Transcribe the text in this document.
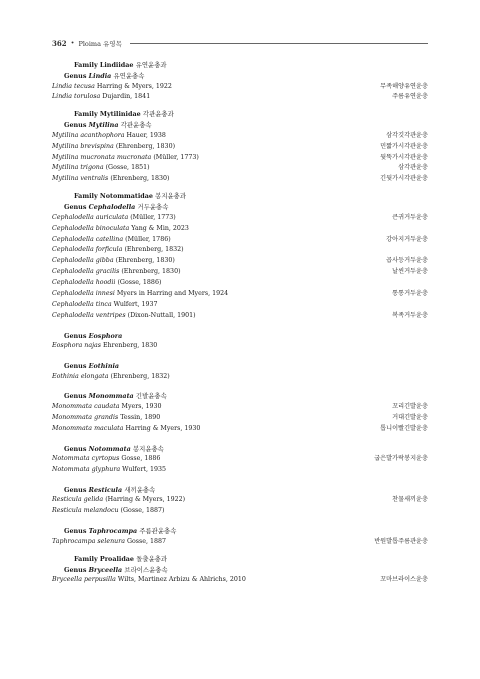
362 • Ploima 유영목
Family Lindiidae 유연윤충과
Genus Lindia 유연윤충속
Lindia tecusa Harring & Myers, 1922	무족해양유연윤충
Lindia torulosa Dujardin, 1841	주름유연윤충
Family Mytilinidae 각관윤충과
Genus Mytilina 각관윤충속
Mytilina acanthophora Hauer, 1938	삼각깃각관윤충
Mytilina brevispina (Ehrenberg, 1830)	민짧가시각관윤충
Mytilina mucronata mucronata (Müller, 1773)	뒷뚝가시각관윤충
Mytilina trigona (Gosse, 1851)	삼각관윤충
Mytilina ventralis (Ehrenberg, 1830)	긴뒷가시각관윤충
Family Notommatidae 봉지윤충과
Genus Cephalodella 거두윤충속
Cephalodella auriculata (Müller, 1773)	큰귀거두윤충
Cephalodella binoculata Yang & Min, 2023
Cephalodella catellina (Müller, 1786)	강아지거두윤충
Cephalodella forficula (Ehrenberg, 1832)
Cephalodella gibba (Ehrenberg, 1830)	곱사등거두윤충
Cephalodella gracilis (Ehrenberg, 1830)	날씬거두윤충
Cephalodella hoodii (Gosse, 1886)
Cephalodella innesi Myers in Harring and Myers, 1924	통통거두윤충
Cephalodella tinca Wulfert, 1937
Cephalodella ventripes (Dixon-Nuttall, 1901)	복족거두윤충
Genus Eosphora
Eosphora najas Ehrenberg, 1830
Genus Eothinia
Eothinia elongata (Ehrenberg, 1832)
Genus Monommata 긴발윤충속
Monommata caudata Myers, 1930	꼬리긴발윤충
Monommata grandis Tessin, 1890	거대긴발윤충
Monommata maculata Harring & Myers, 1930	톱니이빨긴발윤충
Genus Notommata 봉지윤충속
Notommata cyrtopus Gosse, 1886	굽은발가락봉지윤충
Notommata glyphura Wulfert, 1935
Genus Resticula 새끼윤충속
Resticula gelida (Harring & Myers, 1922)	찬물새끼윤충
Resticula melandocu (Gosse, 1887)
Genus Taphrocampa 주름관윤충속
Taphrocampa selenura Gosse, 1887	반원발톱주름관윤충
Family Proalidae 돌출윤충과
Genus Bryceella 브라이스윤충속
Bryceella perpusilla Wilts, Martinez Arbizu & Ahlrichs, 2010	꼬마브라이스윤충
